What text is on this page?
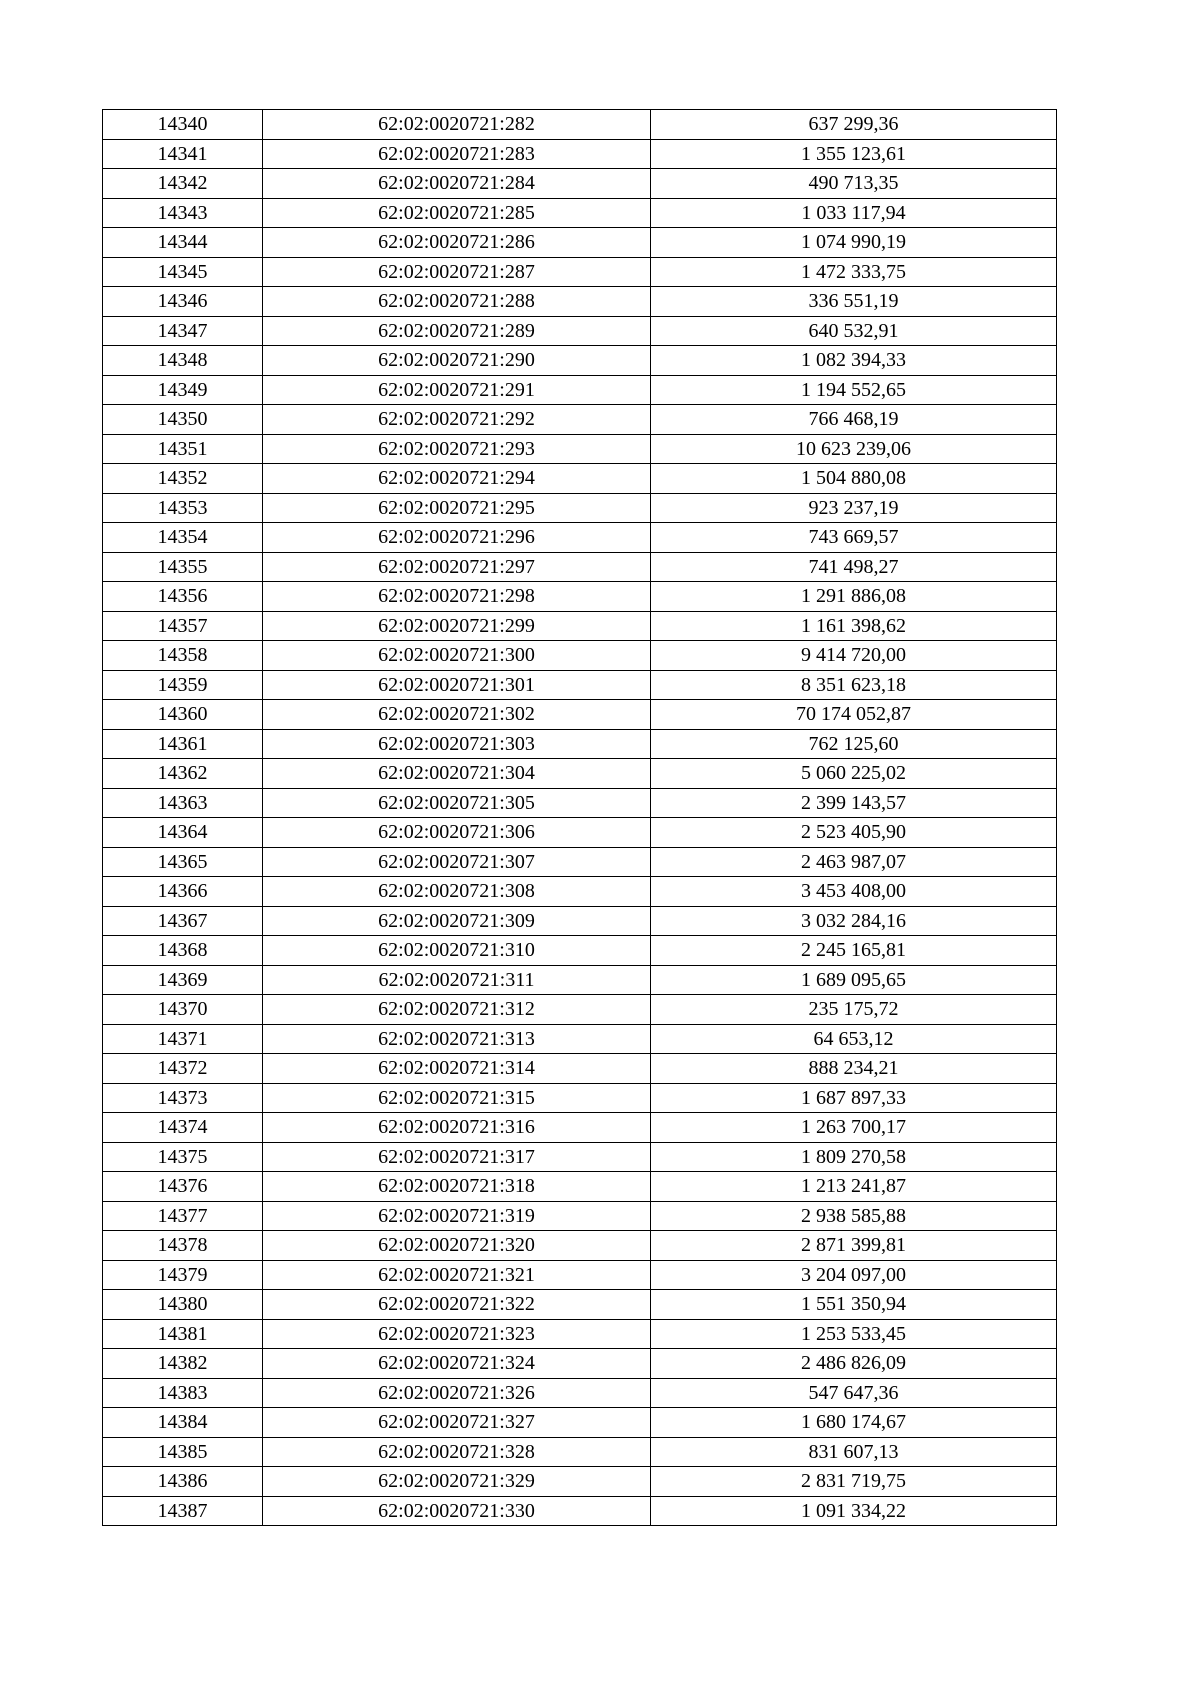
14340	62:02:0020721:282	637 299,36
14341	62:02:0020721:283	1 355 123,61
14342	62:02:0020721:284	490 713,35
14343	62:02:0020721:285	1 033 117,94
14344	62:02:0020721:286	1 074 990,19
14345	62:02:0020721:287	1 472 333,75
14346	62:02:0020721:288	336 551,19
14347	62:02:0020721:289	640 532,91
14348	62:02:0020721:290	1 082 394,33
14349	62:02:0020721:291	1 194 552,65
14350	62:02:0020721:292	766 468,19
14351	62:02:0020721:293	10 623 239,06
14352	62:02:0020721:294	1 504 880,08
14353	62:02:0020721:295	923 237,19
14354	62:02:0020721:296	743 669,57
14355	62:02:0020721:297	741 498,27
14356	62:02:0020721:298	1 291 886,08
14357	62:02:0020721:299	1 161 398,62
14358	62:02:0020721:300	9 414 720,00
14359	62:02:0020721:301	8 351 623,18
14360	62:02:0020721:302	70 174 052,87
14361	62:02:0020721:303	762 125,60
14362	62:02:0020721:304	5 060 225,02
14363	62:02:0020721:305	2 399 143,57
14364	62:02:0020721:306	2 523 405,90
14365	62:02:0020721:307	2 463 987,07
14366	62:02:0020721:308	3 453 408,00
14367	62:02:0020721:309	3 032 284,16
14368	62:02:0020721:310	2 245 165,81
14369	62:02:0020721:311	1 689 095,65
14370	62:02:0020721:312	235 175,72
14371	62:02:0020721:313	64 653,12
14372	62:02:0020721:314	888 234,21
14373	62:02:0020721:315	1 687 897,33
14374	62:02:0020721:316	1 263 700,17
14375	62:02:0020721:317	1 809 270,58
14376	62:02:0020721:318	1 213 241,87
14377	62:02:0020721:319	2 938 585,88
14378	62:02:0020721:320	2 871 399,81
14379	62:02:0020721:321	3 204 097,00
14380	62:02:0020721:322	1 551 350,94
14381	62:02:0020721:323	1 253 533,45
14382	62:02:0020721:324	2 486 826,09
14383	62:02:0020721:326	547 647,36
14384	62:02:0020721:327	1 680 174,67
14385	62:02:0020721:328	831 607,13
14386	62:02:0020721:329	2 831 719,75
14387	62:02:0020721:330	1 091 334,22
